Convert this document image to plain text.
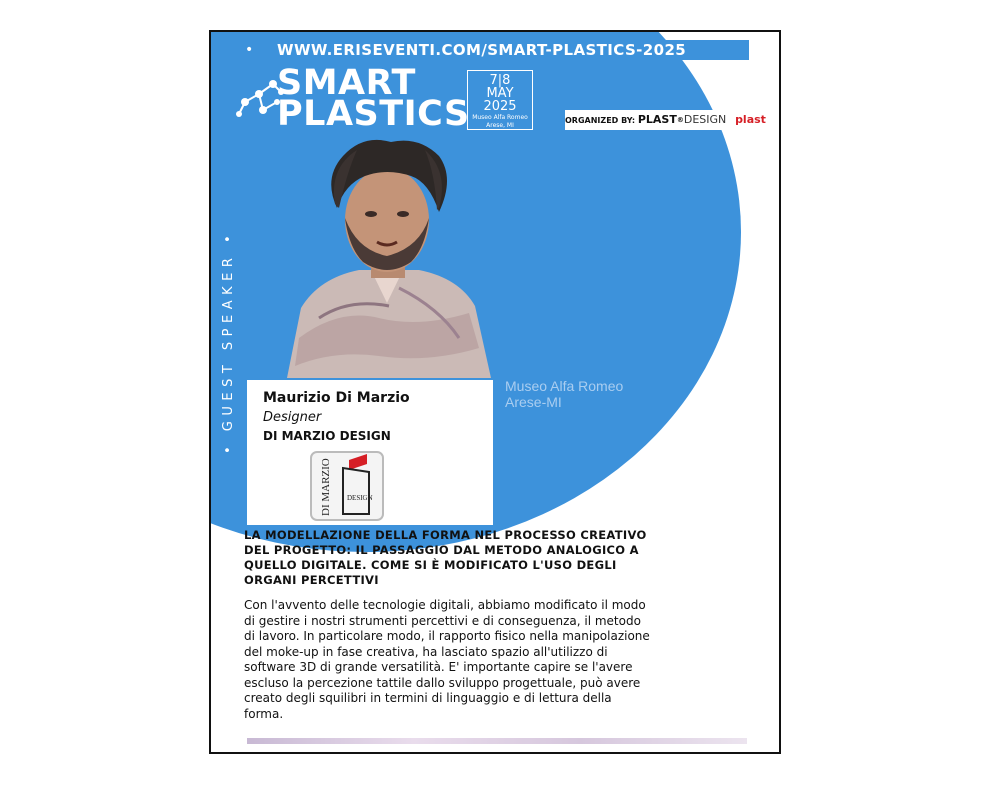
• WWW.ERISEVENTI.COM/SMART-PLASTICS-2025
SMART
PLASTICS
7|8
MAY
2025
Museo Alfa Romeo
Arese, MI
ORGANIZED BY: PLAST®DESIGN plast
• GUEST SPEAKER •	Museo Alfa Romeo
Arese-MI
Maurizio Di Marzio
Designer
DI MARZIO DESIGN
DI MARZIO DESIGN
LA MODELLAZIONE DELLA FORMA NEL PROCESSO CREATIVO DEL PROGETTO: IL PASSAGGIO DAL METODO ANALOGICO A QUELLO DIGITALE. COME SI È MODIFICATO L'USO DEGLI ORGANI PERCETTIVI
Con l'avvento delle tecnologie digitali, abbiamo modificato il modo di gestire i nostri strumenti percettivi e di conseguenza, il metodo di lavoro. In particolare modo, il rapporto fisico nella manipolazione del moke-up in fase creativa, ha lasciato spazio all'utilizzo di software 3D di grande versatilità. E' importante capire se l'avere escluso la percezione tattile dallo sviluppo progettuale, può avere creato degli squilibri in termini di linguaggio e di lettura della forma.
